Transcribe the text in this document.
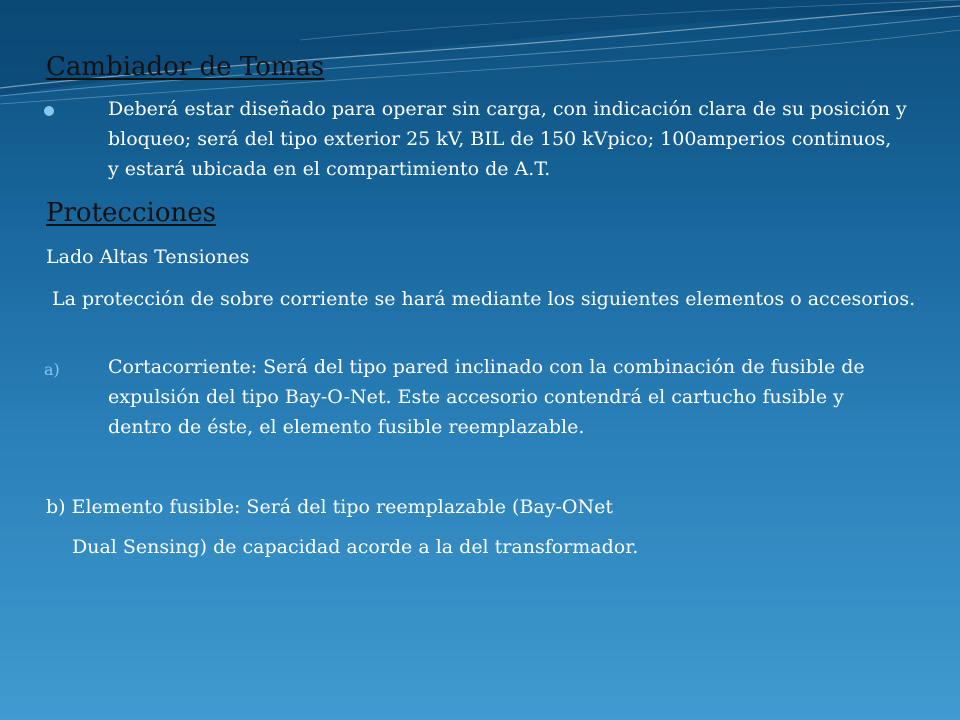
Cambiador de Tomas

Deberá estar diseñado para operar sin carga, con indicación clara de su posición y bloqueo; será del tipo exterior 25 kV, BIL de 150 kVpico; 100amperios continuos, y estará ubicada en el compartimiento de A.T.

Protecciones

Lado Altas Tensiones

La protección de sobre corriente se hará mediante los siguientes elementos o accesorios.

a)	Cortacorriente: Será del tipo pared inclinado con la combinación de fusible de expulsión del tipo Bay-O-Net. Este accesorio contendrá el cartucho fusible y dentro de éste, el elemento fusible reemplazable.

b) Elemento fusible: Será del tipo reemplazable (Bay-ONet

Dual Sensing) de capacidad acorde a la del transformador.
